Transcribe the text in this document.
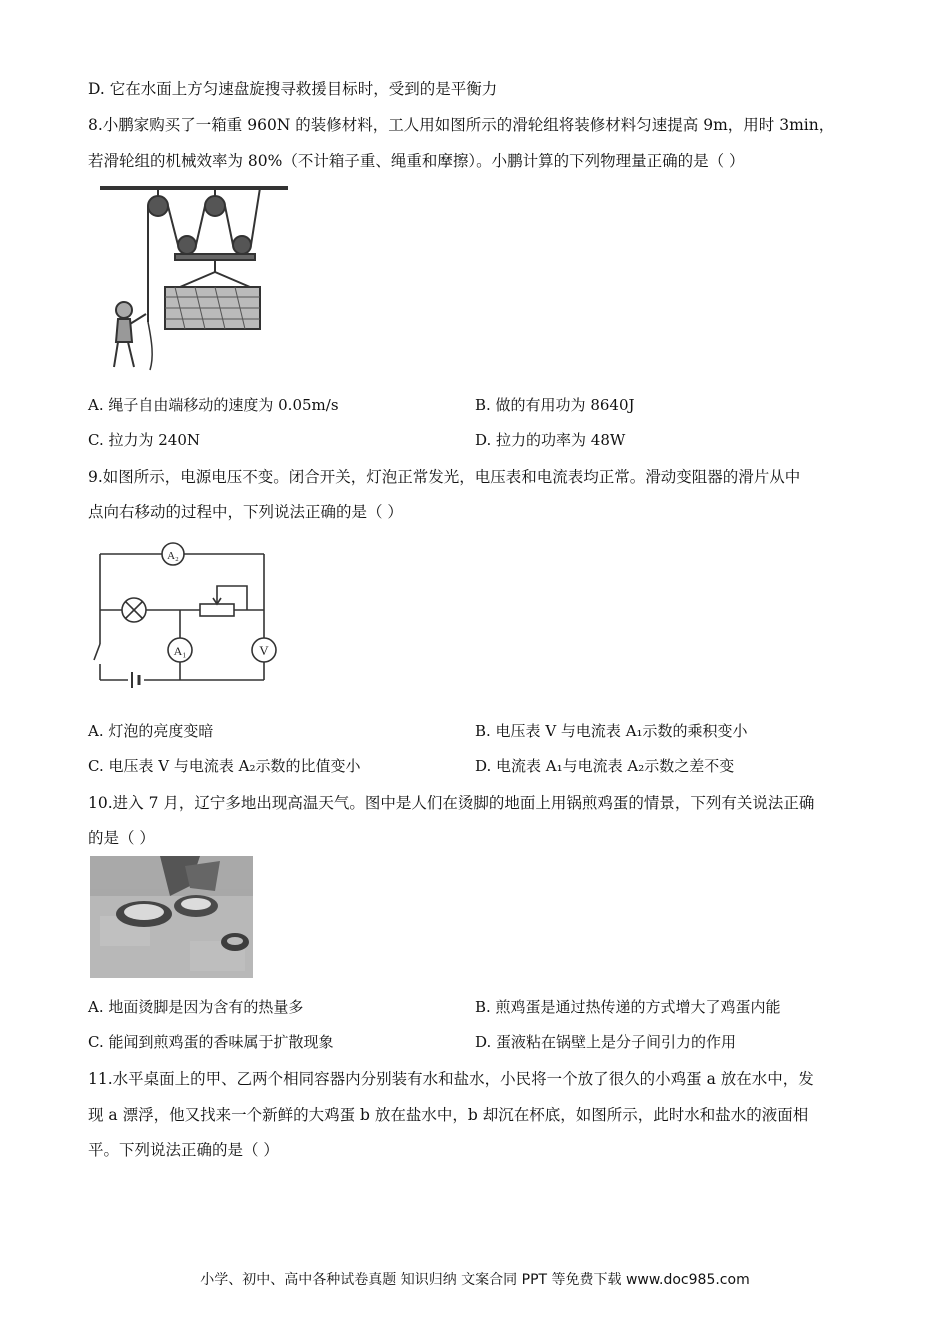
D. 它在水面上方匀速盘旋搜寻救援目标时，受到的是平衡力
8.小鹏家购买了一箱重 960N 的装修材料，工人用如图所示的滑轮组将装修材料匀速提高 9m，用时 3min，
若滑轮组的机械效率为 80%（不计箱子重、绳重和摩擦）。小鹏计算的下列物理量正确的是（ ）
A. 绳子自由端移动的速度为 0.05m/s	B. 做的有用功为 8640J
C. 拉力为 240N	D. 拉力的功率为 48W
9.如图所示，电源电压不变。闭合开关，灯泡正常发光，电压表和电流表均正常。滑动变阻器的滑片从中
点向右移动的过程中，下列说法正确的是（ ）
A₂
A₁	V
A. 灯泡的亮度变暗	B. 电压表 V 与电流表 A₁示数的乘积变小
C. 电压表 V 与电流表 A₂示数的比值变小	D. 电流表 A₁与电流表 A₂示数之差不变
10.进入 7 月，辽宁多地出现高温天气。图中是人们在烫脚的地面上用锅煎鸡蛋的情景，下列有关说法正确
的是（ ）
A. 地面烫脚是因为含有的热量多	B. 煎鸡蛋是通过热传递的方式增大了鸡蛋内能
C. 能闻到煎鸡蛋的香味属于扩散现象	D. 蛋液粘在锅壁上是分子间引力的作用
11.水平桌面上的甲、乙两个相同容器内分别装有水和盐水，小民将一个放了很久的小鸡蛋 a 放在水中，发
现 a 漂浮，他又找来一个新鲜的大鸡蛋 b 放在盐水中，b 却沉在杯底，如图所示，此时水和盐水的液面相
平。下列说法正确的是（ ）
小学、初中、高中各种试卷真题 知识归纳 文案合同 PPT 等免费下载 www.doc985.com
